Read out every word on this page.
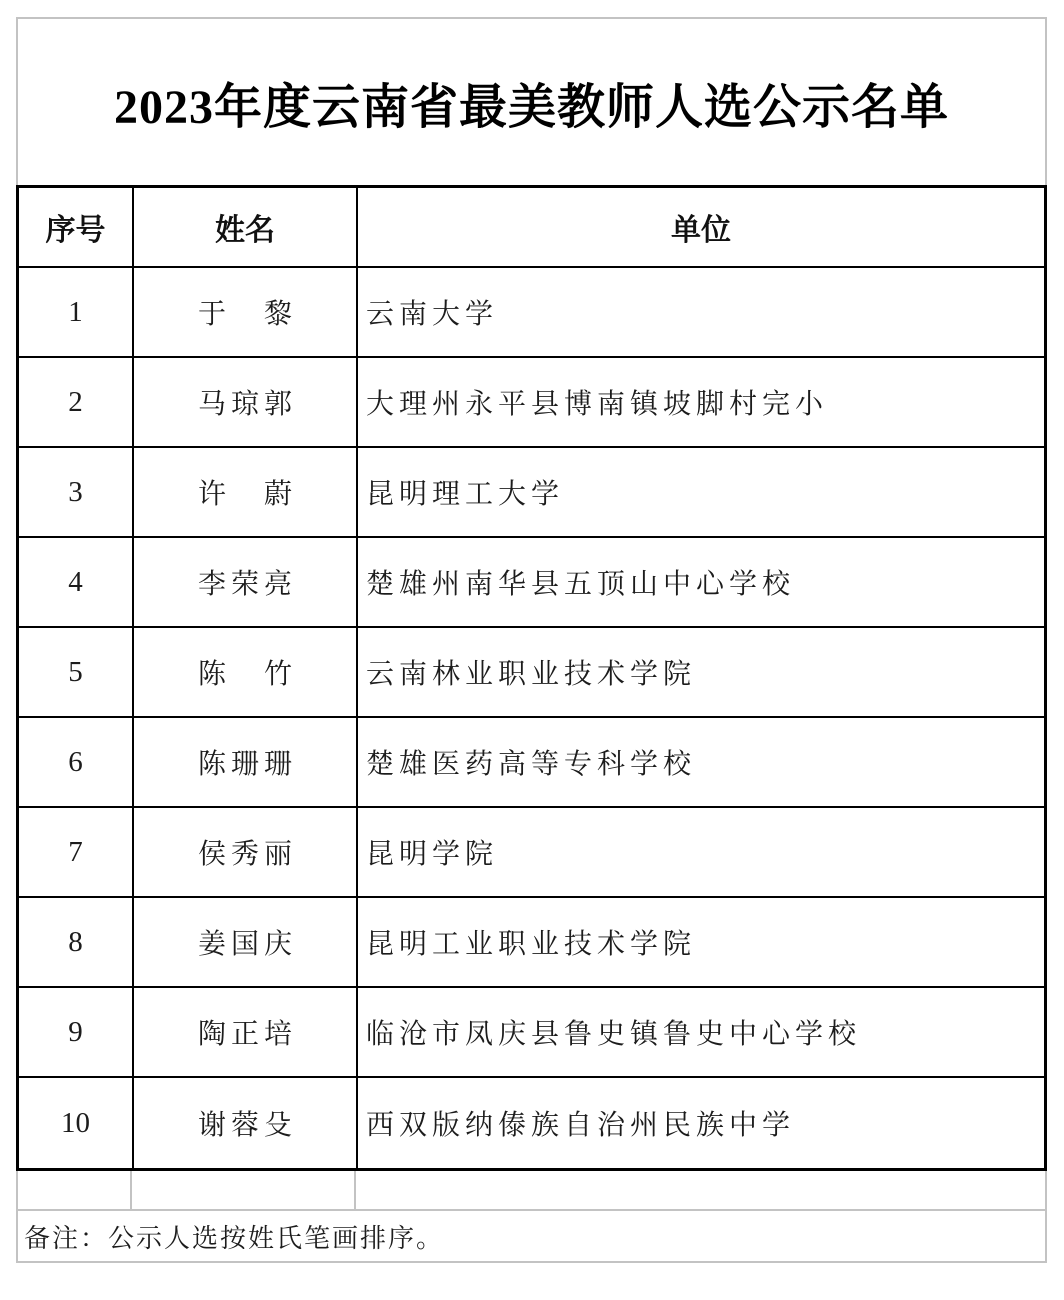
2023年度云南省最美教师人选公示名单
序号	姓名	单位
1	于　黎	云南大学
2	马琼郭	大理州永平县博南镇坡脚村完小
3	许　蔚	昆明理工大学
4	李荣亮	楚雄州南华县五顶山中心学校
5	陈　竹	云南林业职业技术学院
6	陈珊珊	楚雄医药高等专科学校
7	侯秀丽	昆明学院
8	姜国庆	昆明工业职业技术学院
9	陶正培	临沧市凤庆县鲁史镇鲁史中心学校
10	谢蓉殳	西双版纳傣族自治州民族中学
备注：公示人选按姓氏笔画排序。
